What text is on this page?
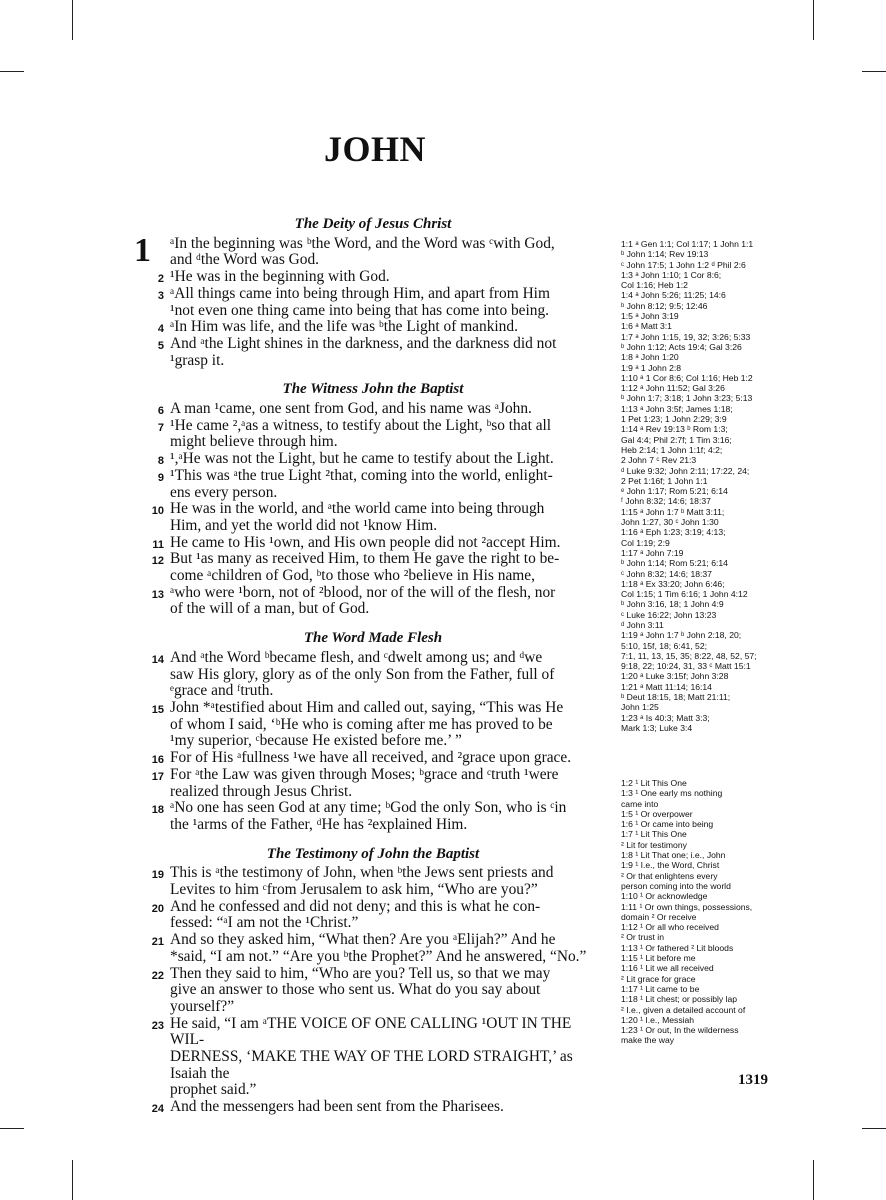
JOHN
The Deity of Jesus Christ
1 ᵃIn the beginning was ᵇthe Word, and the Word was ᶜwith God,
and ᵈthe Word was God.
2 ¹He was in the beginning with God.
3 ᵃAll things came into being through Him, and apart from Him
¹not even one thing came into being that has come into being.
4 ᵃIn Him was life, and the life was ᵇthe Light of mankind.
5 And ᵃthe Light shines in the darkness, and the darkness did not
¹grasp it.
The Witness John the Baptist
6 A man ¹came, one sent from God, and his name was ᵃJohn.
7 ¹He came ²,ᵃas a witness, to testify about the Light, ᵇso that all
might believe through him.
8 ¹,ᵃHe was not the Light, but he came to testify about the Light.
9 ¹This was ᵃthe true Light ²that, coming into the world, enlight-
ens every person.
10 He was in the world, and ᵃthe world came into being through
Him, and yet the world did not ¹know Him.
11 He came to His ¹own, and His own people did not ²accept Him.
12 But ¹as many as received Him, to them He gave the right to be-
come ᵃchildren of God, ᵇto those who ²believe in His name,
13 ᵃwho were ¹born, not of ²blood, nor of the will of the flesh, nor
of the will of a man, but of God.
The Word Made Flesh
14 And ᵃthe Word ᵇbecame flesh, and ᶜdwelt among us; and ᵈwe
saw His glory, glory as of the only Son from the Father, full of
ᵉgrace and ᶠtruth.
15 John *ᵃtestified about Him and called out, saying, “This was He
of whom I said, ‘ᵇHe who is coming after me has proved to be
¹my superior, ᶜbecause He existed before me.’ ”
16 For of His ᵃfullness ¹we have all received, and ²grace upon grace.
17 For ᵃthe Law was given through Moses; ᵇgrace and ᶜtruth ¹were
realized through Jesus Christ.
18 ᵃNo one has seen God at any time; ᵇGod the only Son, who is ᶜin
the ¹arms of the Father, ᵈHe has ²explained Him.
The Testimony of John the Baptist
19 This is ᵃthe testimony of John, when ᵇthe Jews sent priests and
Levites to him ᶜfrom Jerusalem to ask him, “Who are you?”
20 And he confessed and did not deny; and this is what he con-
fessed: “ᵃI am not the ¹Christ.”
21 And so they asked him, “What then? Are you ᵃElijah?” And he
*said, “I am not.” “Are you ᵇthe Prophet?” And he answered, “No.”
22 Then they said to him, “Who are you? Tell us, so that we may
give an answer to those who sent us. What do you say about
yourself?”
23 He said, “I am ᵃTHE VOICE OF ONE CALLING ¹OUT IN THE WIL-
DERNESS, ‘MAKE THE WAY OF THE LORD STRAIGHT,’ as Isaiah the
prophet said.”
24 And the messengers had been sent from the Pharisees.
1:1 ᵃ Gen 1:1; Col 1:17; 1 John 1:1
ᵇ John 1:14; Rev 19:13
ᶜ John 17:5; 1 John 1:2 ᵈ Phil 2:6
1:3 ᵃ John 1:10; 1 Cor 8:6;
Col 1:16; Heb 1:2
1:4 ᵃ John 5:26; 11:25; 14:6
ᵇ John 8:12; 9:5; 12:46
1:5 ᵃ John 3:19
1:6 ᵃ Matt 3:1
1:7 ᵃ John 1:15, 19, 32; 3:26; 5:33
ᵇ John 1:12; Acts 19:4; Gal 3:26
1:8 ᵃ John 1:20
1:9 ᵃ 1 John 2:8
1:10 ᵃ 1 Cor 8:6; Col 1:16; Heb 1:2
1:12 ᵃ John 11:52; Gal 3:26
ᵇ John 1:7; 3:18; 1 John 3:23; 5:13
1:13 ᵃ John 3:5f; James 1:18;
1 Pet 1:23; 1 John 2:29; 3:9
1:14 ᵃ Rev 19:13 ᵇ Rom 1:3;
Gal 4:4; Phil 2:7f; 1 Tim 3:16;
Heb 2:14; 1 John 1:1f; 4:2;
2 John 7 ᶜ Rev 21:3
ᵈ Luke 9:32; John 2:11; 17:22, 24;
2 Pet 1:16f; 1 John 1:1
ᵉ John 1:17; Rom 5:21; 6:14
ᶠ John 8:32; 14:6; 18:37
1:15 ᵃ John 1:7 ᵇ Matt 3:11;
John 1:27, 30 ᶜ John 1:30
1:16 ᵃ Eph 1:23; 3:19; 4:13;
Col 1:19; 2:9
1:17 ᵃ John 7:19
ᵇ John 1:14; Rom 5:21; 6:14
ᶜ John 8:32; 14:6; 18:37
1:18 ᵃ Ex 33:20; John 6:46;
Col 1:15; 1 Tim 6:16; 1 John 4:12
ᵇ John 3:16, 18; 1 John 4:9
ᶜ Luke 16:22; John 13:23
ᵈ John 3:11
1:19 ᵃ John 1:7 ᵇ John 2:18, 20;
5:10, 15f, 18; 6:41, 52;
7:1, 11, 13, 15, 35; 8:22, 48, 52, 57;
9:18, 22; 10:24, 31, 33 ᶜ Matt 15:1
1:20 ᵃ Luke 3:15f; John 3:28
1:21 ᵃ Matt 11:14; 16:14
ᵇ Deut 18:15, 18; Matt 21:11;
John 1:25
1:23 ᵃ Is 40:3; Matt 3:3;
Mark 1:3; Luke 3:4
1:2 ¹ Lit This One
1:3 ¹ One early ms nothing
came into
1:5 ¹ Or overpower
1:6 ¹ Or came into being
1:7 ¹ Lit This One
² Lit for testimony
1:8 ¹ Lit That one; i.e., John
1:9 ¹ I.e., the Word, Christ
² Or that enlightens every
person coming into the world
1:10 ¹ Or acknowledge
1:11 ¹ Or own things, possessions,
domain ² Or receive
1:12 ¹ Or all who received
² Or trust in
1:13 ¹ Or fathered ² Lit bloods
1:15 ¹ Lit before me
1:16 ¹ Lit we all received
² Lit grace for grace
1:17 ¹ Lit came to be
1:18 ¹ Lit chest; or possibly lap
² I.e., given a detailed account of
1:20 ¹ I.e., Messiah
1:23 ¹ Or out, In the wilderness
make the way
1319
